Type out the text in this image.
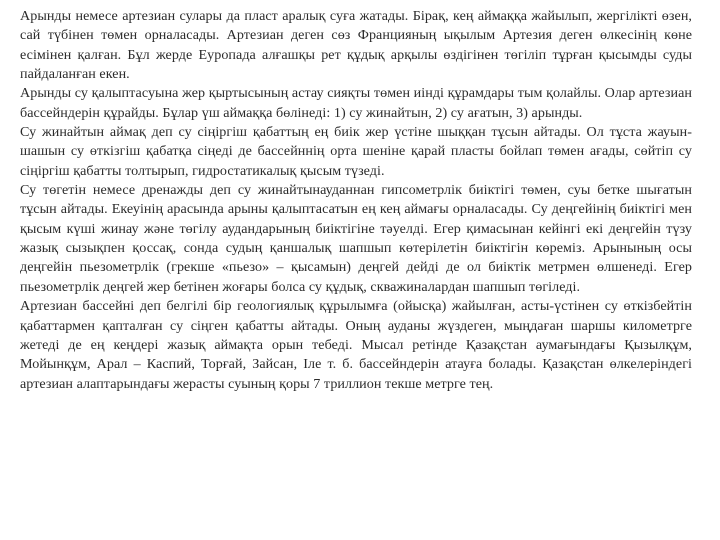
Арынды немесе артезиан сулары да пласт аралық суға жатады. Бірақ, кең аймаққа жайылып, жергілікті өзен, сай түбінен төмен орналасады. Артезиан деген сөз Францияның ықылым Артезия деген өлкесінің көне есімінен қалған. Бұл жерде Еуропада алғашқы рет құдық арқылы өздігінен төгіліп тұрған қысымды суды пайдаланған екен.

Арынды су қалыптасуына жер қыртысының астау сияқты төмен иінді құрамдары тым қолайлы. Олар артезиан бассейндерін құрайды. Бұлар үш аймаққа бөлінеді: 1) су жинайтын, 2) су ағатын, 3) арынды.

Су жинайтын аймақ деп су сіңіргіш қабаттың ең биік жер үстіне шыққан тұсын айтады. Ол тұста жауын-шашын су өткізгіш қабатқа сіңеді де бассейннің орта шеніне қарай пласты бойлап төмен ағады, сөйтіп су сіңіргіш қабатты толтырып, гидростатикалық қысым түзеді.

Су төгетін немесе дренажды деп су жинайтынауданнан гипсометрлік биіктігі төмен, суы бетке шығатын тұсын айтады. Екеуінің арасында арыны қалыптасатын ең кең аймағы орналасады. Су деңгейінің биіктігі мен қысым күші жинау және төгілу аудандарының биіктігіне тәуелді. Егер қимасынан кейінгі екі деңгейін түзу жазық сызықпен қоссақ, сонда судың қаншалық шапшып көтерілетін биіктігін көреміз. Арынының осы деңгейін пьезометрлік (грекше «пьезо» – қысамын) деңгей дейді де ол биіктік метрмен өлшенеді. Егер пьезометрлік деңгей жер бетінен жоғары болса су құдық, скважиналардан шапшып төгіледі.

Артезиан бассейні деп белгілі бір геологиялық құрылымға (ойысқа) жайылған, асты-үстінен су өткізбейтін қабаттармен қапталған су сіңген қабатты айтады. Оның ауданы жүздеген, мыңдаған шаршы километрге жетеді де ең кеңдері жазық аймақта орын тебеді. Мысал ретінде Қазақстан аумағындағы Қызылқұм, Мойынқұм, Арал – Каспий, Торғай, Зайсан, Іле т. б. бассейндерін атауға болады. Қазақстан өлкелеріндегі артезиан алаптарындағы жерасты суының қоры 7 триллион текше метрге тең.
